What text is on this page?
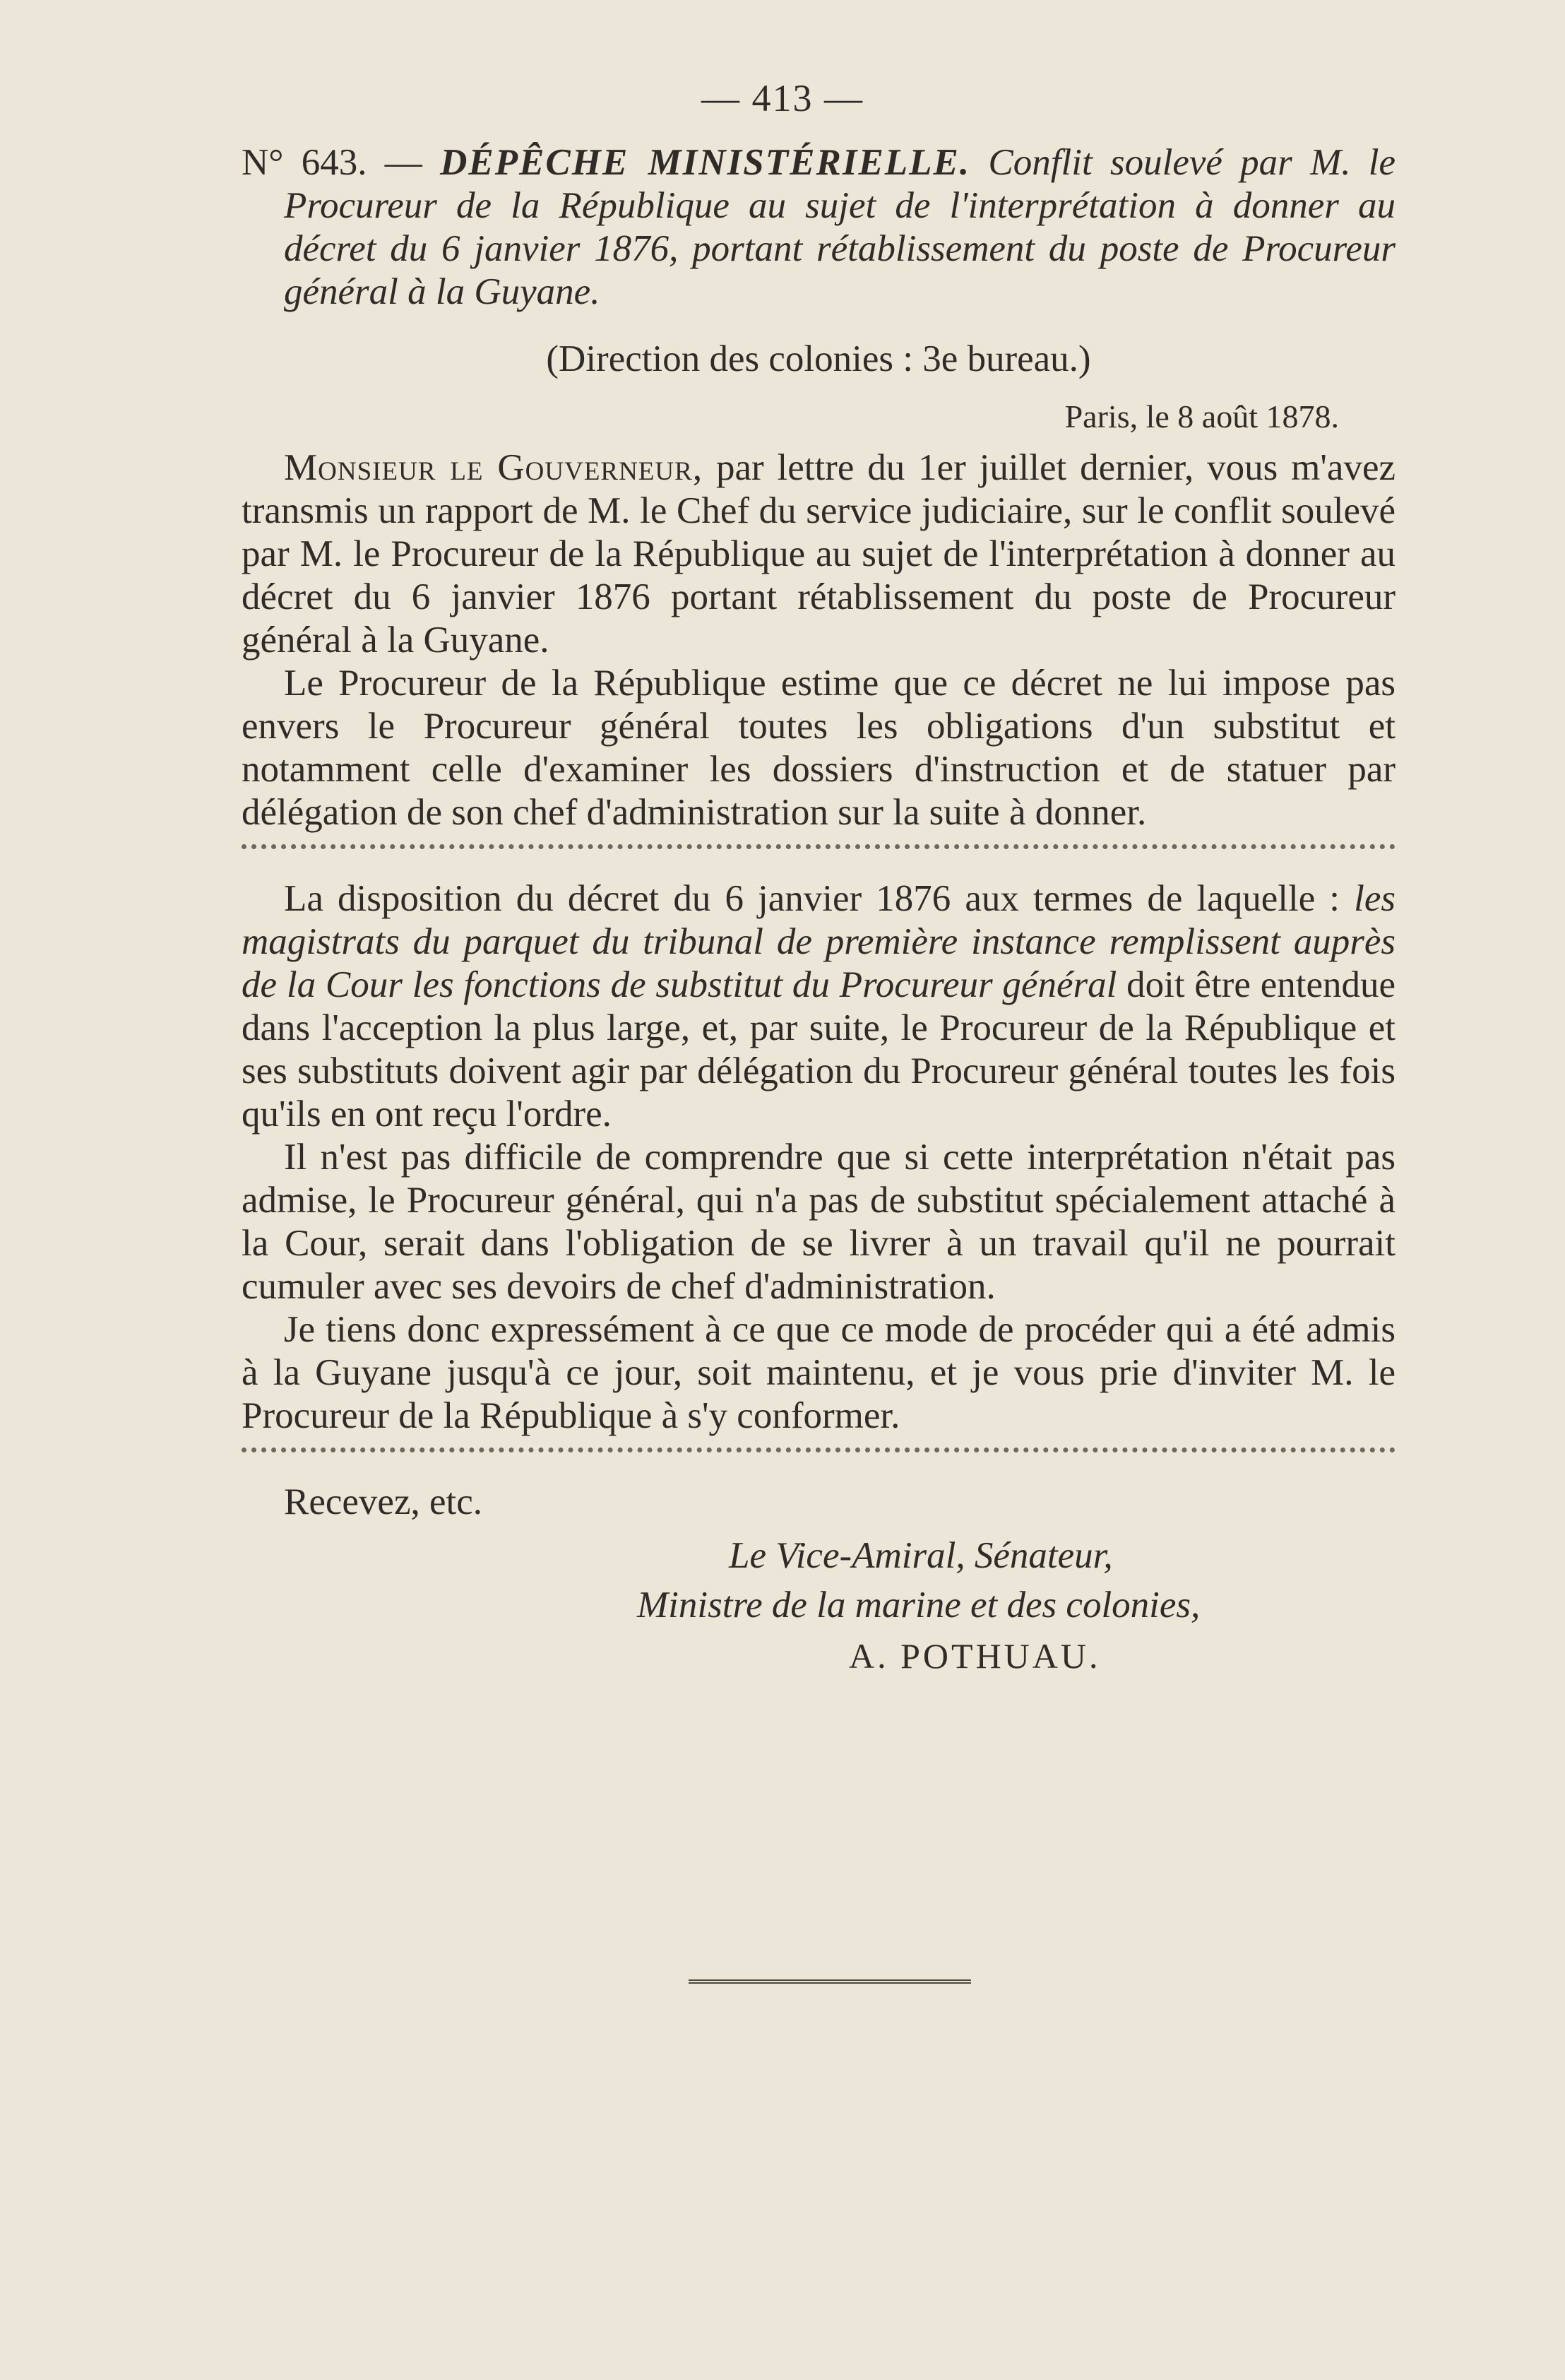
— 413 —

N° 643. — DÉPÊCHE MINISTÉRIELLE. Conflit soulevé par M. le Procureur de la République au sujet de l'interprétation à donner au décret du 6 janvier 1876, portant rétablissement du poste de Procureur général à la Guyane.

(Direction des colonies : 3e bureau.)

Paris, le 8 août 1878.

Monsieur le Gouverneur, par lettre du 1er juillet dernier, vous m'avez transmis un rapport de M. le Chef du service judiciaire, sur le conflit soulevé par M. le Procureur de la République au sujet de l'interprétation à donner au décret du 6 janvier 1876 portant rétablissement du poste de Procureur général à la Guyane.

Le Procureur de la République estime que ce décret ne lui impose pas envers le Procureur général toutes les obligations d'un substitut et notamment celle d'examiner les dossiers d'instruction et de statuer par délégation de son chef d'administration sur la suite à donner.

La disposition du décret du 6 janvier 1876 aux termes de laquelle : les magistrats du parquet du tribunal de première instance remplissent auprès de la Cour les fonctions de substitut du Procureur général doit être entendue dans l'acception la plus large, et, par suite, le Procureur de la République et ses substituts doivent agir par délégation du Procureur général toutes les fois qu'ils en ont reçu l'ordre.

Il n'est pas difficile de comprendre que si cette interprétation n'était pas admise, le Procureur général, qui n'a pas de substitut spécialement attaché à la Cour, serait dans l'obligation de se livrer à un travail qu'il ne pourrait cumuler avec ses devoirs de chef d'administration.

Je tiens donc expressément à ce que ce mode de procéder qui a été admis à la Guyane jusqu'à ce jour, soit maintenu, et je vous prie d'inviter M. le Procureur de la République à s'y conformer.

Recevez, etc.

Le Vice-Amiral, Sénateur,
Ministre de la marine et des colonies,
A. POTHUAU.
